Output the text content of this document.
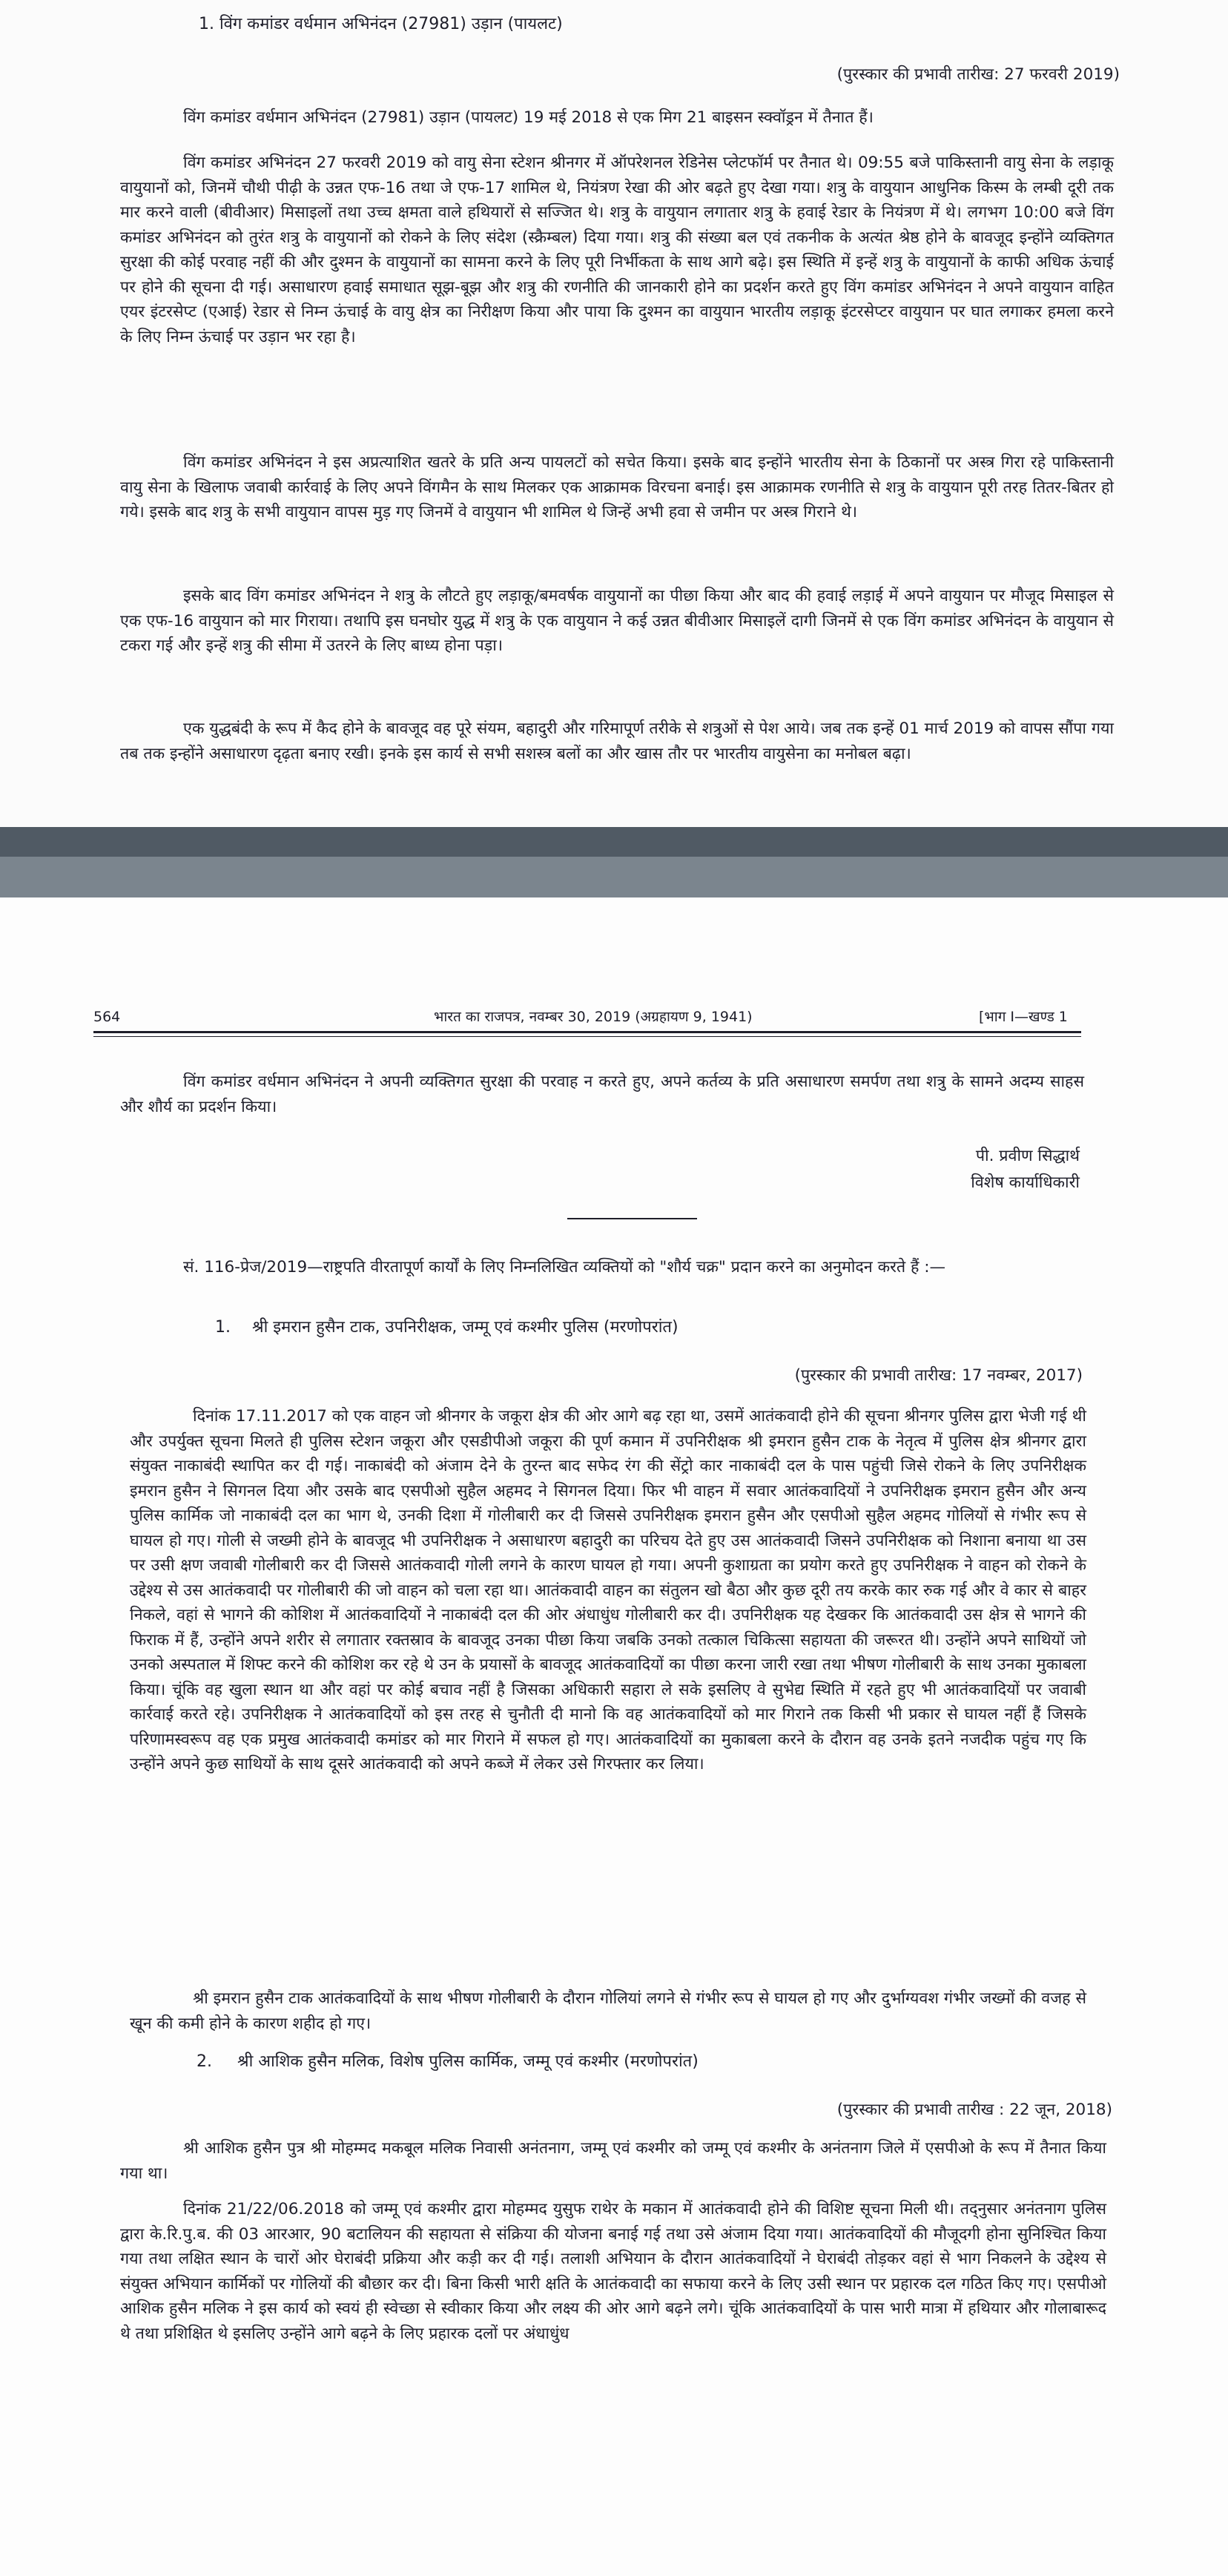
1. विंग कमांडर वर्धमान अभिनंदन (27981) उड़ान (पायलट)
(पुरस्कार की प्रभावी तारीख: 27 फरवरी 2019)

विंग कमांडर वर्धमान अभिनंदन (27981) उड़ान (पायलट) 19 मई 2018 से एक मिग 21 बाइसन स्क्वॉड्रन में तैनात हैं।

विंग कमांडर अभिनंदन 27 फरवरी 2019 को वायु सेना स्टेशन श्रीनगर में ऑपरेशनल रेडिनेस प्लेटफॉर्म पर तैनात थे। 09:55 बजे पाकिस्तानी वायु सेना के लड़ाकू वायुयानों को, जिनमें चौथी पीढ़ी के उन्नत एफ-16 तथा जे एफ-17 शामिल थे, नियंत्रण रेखा की ओर बढ़ते हुए देखा गया। शत्रु के वायुयान आधुनिक किस्म के लम्बी दूरी तक मार करने वाली (बीवीआर) मिसाइलों तथा उच्च क्षमता वाले हथियारों से सज्जित थे। शत्रु के वायुयान लगातार शत्रु के हवाई रेडार के नियंत्रण में थे। लगभग 10:00 बजे विंग कमांडर अभिनंदन को तुरंत शत्रु के वायुयानों को रोकने के लिए संदेश (स्क्रैम्बल) दिया गया। शत्रु की संख्या बल एवं तकनीक के अत्यंत श्रेष्ठ होने के बावजूद इन्होंने व्यक्तिगत सुरक्षा की कोई परवाह नहीं की और दुश्मन के वायुयानों का सामना करने के लिए पूरी निर्भीकता के साथ आगे बढ़े। इस स्थिति में इन्हें शत्रु के वायुयानों के काफी अधिक ऊंचाई पर होने की सूचना दी गई। असाधारण हवाई समाधात सूझ-बूझ और शत्रु की रणनीति की जानकारी होने का प्रदर्शन करते हुए विंग कमांडर अभिनंदन ने अपने वायुयान वाहित एयर इंटरसेप्ट (एआई) रेडार से निम्न ऊंचाई के वायु क्षेत्र का निरीक्षण किया और पाया कि दुश्मन का वायुयान भारतीय लड़ाकू इंटरसेप्टर वायुयान पर घात लगाकर हमला करने के लिए निम्न ऊंचाई पर उड़ान भर रहा है।

विंग कमांडर अभिनंदन ने इस अप्रत्याशित खतरे के प्रति अन्य पायलटों को सचेत किया। इसके बाद इन्होंने भारतीय सेना के ठिकानों पर अस्त्र गिरा रहे पाकिस्तानी वायु सेना के खिलाफ जवाबी कार्रवाई के लिए अपने विंगमैन के साथ मिलकर एक आक्रामक विरचना बनाई। इस आक्रामक रणनीति से शत्रु के वायुयान पूरी तरह तितर-बितर हो गये। इसके बाद शत्रु के सभी वायुयान वापस मुड़ गए जिनमें वे वायुयान भी शामिल थे जिन्हें अभी हवा से जमीन पर अस्त्र गिराने थे।

इसके बाद विंग कमांडर अभिनंदन ने शत्रु के लौटते हुए लड़ाकू/बमवर्षक वायुयानों का पीछा किया और बाद की हवाई लड़ाई में अपने वायुयान पर मौजूद मिसाइल से एक एफ-16 वायुयान को मार गिराया। तथापि इस घनघोर युद्ध में शत्रु के एक वायुयान ने कई उन्नत बीवीआर मिसाइलें दागी जिनमें से एक विंग कमांडर अभिनंदन के वायुयान से टकरा गई और इन्हें शत्रु की सीमा में उतरने के लिए बाध्य होना पड़ा।

एक युद्धबंदी के रूप में कैद होने के बावजूद वह पूरे संयम, बहादुरी और गरिमापूर्ण तरीके से शत्रुओं से पेश आये। जब तक इन्हें 01 मार्च 2019 को वापस सौंपा गया तब तक इन्होंने असाधारण दृढ़ता बनाए रखी। इनके इस कार्य से सभी सशस्त्र बलों का और खास तौर पर भारतीय वायुसेना का मनोबल बढ़ा।

564	भारत का राजपत्र, नवम्बर 30, 2019 (अग्रहायण 9, 1941)	[भाग I—खण्ड 1

विंग कमांडर वर्धमान अभिनंदन ने अपनी व्यक्तिगत सुरक्षा की परवाह न करते हुए, अपने कर्तव्य के प्रति असाधारण समर्पण तथा शत्रु के सामने अदम्य साहस और शौर्य का प्रदर्शन किया।

पी. प्रवीण सिद्धार्थ
विशेष कार्याधिकारी

सं. 116-प्रेज/2019—राष्ट्रपति वीरतापूर्ण कार्यों के लिए निम्नलिखित व्यक्तियों को "शौर्य चक्र" प्रदान करने का अनुमोदन करते हैं :—

1. श्री इमरान हुसैन टाक, उपनिरीक्षक, जम्मू एवं कश्मीर पुलिस (मरणोपरांत)
(पुरस्कार की प्रभावी तारीख: 17 नवम्बर, 2017)

दिनांक 17.11.2017 को एक वाहन जो श्रीनगर के जकूरा क्षेत्र की ओर आगे बढ़ रहा था, उसमें आतंकवादी होने की सूचना श्रीनगर पुलिस द्वारा भेजी गई थी और उपर्युक्त सूचना मिलते ही पुलिस स्टेशन जकूरा और एसडीपीओ जकूरा की पूर्ण कमान में उपनिरीक्षक श्री इमरान हुसैन टाक के नेतृत्व में पुलिस क्षेत्र श्रीनगर द्वारा संयुक्त नाकाबंदी स्थापित कर दी गई। नाकाबंदी को अंजाम देने के तुरन्त बाद सफेद रंग की सेंट्रो कार नाकाबंदी दल के पास पहुंची जिसे रोकने के लिए उपनिरीक्षक इमरान हुसैन ने सिगनल दिया और उसके बाद एसपीओ सुहैल अहमद ने सिगनल दिया। फिर भी वाहन में सवार आतंकवादियों ने उपनिरीक्षक इमरान हुसैन और अन्य पुलिस कार्मिक जो नाकाबंदी दल का भाग थे, उनकी दिशा में गोलीबारी कर दी जिससे उपनिरीक्षक इमरान हुसैन और एसपीओ सुहैल अहमद गोलियों से गंभीर रूप से घायल हो गए। गोली से जख्मी होने के बावजूद भी उपनिरीक्षक ने असाधारण बहादुरी का परिचय देते हुए उस आतंकवादी जिसने उपनिरीक्षक को निशाना बनाया था उस पर उसी क्षण जवाबी गोलीबारी कर दी जिससे आतंकवादी गोली लगने के कारण घायल हो गया। अपनी कुशाग्रता का प्रयोग करते हुए उपनिरीक्षक ने वाहन को रोकने के उद्देश्य से उस आतंकवादी पर गोलीबारी की जो वाहन को चला रहा था। आतंकवादी वाहन का संतुलन खो बैठा और कुछ दूरी तय करके कार रुक गई और वे कार से बाहर निकले, वहां से भागने की कोशिश में आतंकवादियों ने नाकाबंदी दल की ओर अंधाधुंध गोलीबारी कर दी। उपनिरीक्षक यह देखकर कि आतंकवादी उस क्षेत्र से भागने की फिराक में हैं, उन्होंने अपने शरीर से लगातार रक्तस्राव के बावजूद उनका पीछा किया जबकि उनको तत्काल चिकित्सा सहायता की जरूरत थी। उन्होंने अपने साथियों जो उनको अस्पताल में शिफ्ट करने की कोशिश कर रहे थे उन के प्रयासों के बावजूद आतंकवादियों का पीछा करना जारी रखा तथा भीषण गोलीबारी के साथ उनका मुकाबला किया। चूंकि वह खुला स्थान था और वहां पर कोई बचाव नहीं है जिसका अधिकारी सहारा ले सके इसलिए वे सुभेद्य स्थिति में रहते हुए भी आतंकवादियों पर जवाबी कार्रवाई करते रहे। उपनिरीक्षक ने आतंकवादियों को इस तरह से चुनौती दी मानो कि वह आतंकवादियों को मार गिराने तक किसी भी प्रकार से घायल नहीं हैं जिसके परिणामस्वरूप वह एक प्रमुख आतंकवादी कमांडर को मार गिराने में सफल हो गए। आतंकवादियों का मुकाबला करने के दौरान वह उनके इतने नजदीक पहुंच गए कि उन्होंने अपने कुछ साथियों के साथ दूसरे आतंकवादी को अपने कब्जे में लेकर उसे गिरफ्तार कर लिया।

श्री इमरान हुसैन टाक आतंकवादियों के साथ भीषण गोलीबारी के दौरान गोलियां लगने से गंभीर रूप से घायल हो गए और दुर्भाग्यवश गंभीर जख्मों की वजह से खून की कमी होने के कारण शहीद हो गए।

2. श्री आशिक हुसैन मलिक, विशेष पुलिस कार्मिक, जम्मू एवं कश्मीर (मरणोपरांत)
(पुरस्कार की प्रभावी तारीख : 22 जून, 2018)

श्री आशिक हुसैन पुत्र श्री मोहम्मद मकबूल मलिक निवासी अनंतनाग, जम्मू एवं कश्मीर को जम्मू एवं कश्मीर के अनंतनाग जिले में एसपीओ के रूप में तैनात किया गया था।

दिनांक 21/22/06.2018 को जम्मू एवं कश्मीर द्वारा मोहम्मद युसुफ राथेर के मकान में आतंकवादी होने की विशिष्ट सूचना मिली थी। तद्नुसार अनंतनाग पुलिस द्वारा के.रि.पु.ब. की 03 आरआर, 90 बटालियन की सहायता से संक्रिया की योजना बनाई गई तथा उसे अंजाम दिया गया। आतंकवादियों की मौजूदगी होना सुनिश्चित किया गया तथा लक्षित स्थान के चारों ओर घेराबंदी प्रक्रिया और कड़ी कर दी गई। तलाशी अभियान के दौरान आतंकवादियों ने घेराबंदी तोड़कर वहां से भाग निकलने के उद्देश्य से संयुक्त अभियान कार्मिकों पर गोलियों की बौछार कर दी। बिना किसी भारी क्षति के आतंकवादी का सफाया करने के लिए उसी स्थान पर प्रहारक दल गठित किए गए। एसपीओ आशिक हुसैन मलिक ने इस कार्य को स्वयं ही स्वेच्छा से स्वीकार किया और लक्ष्य की ओर आगे बढ़ने लगे। चूंकि आतंकवादियों के पास भारी मात्रा में हथियार और गोलाबारूद थे तथा प्रशिक्षित थे इसलिए उन्होंने आगे बढ़ने के लिए प्रहारक दलों पर अंधाधुंध
